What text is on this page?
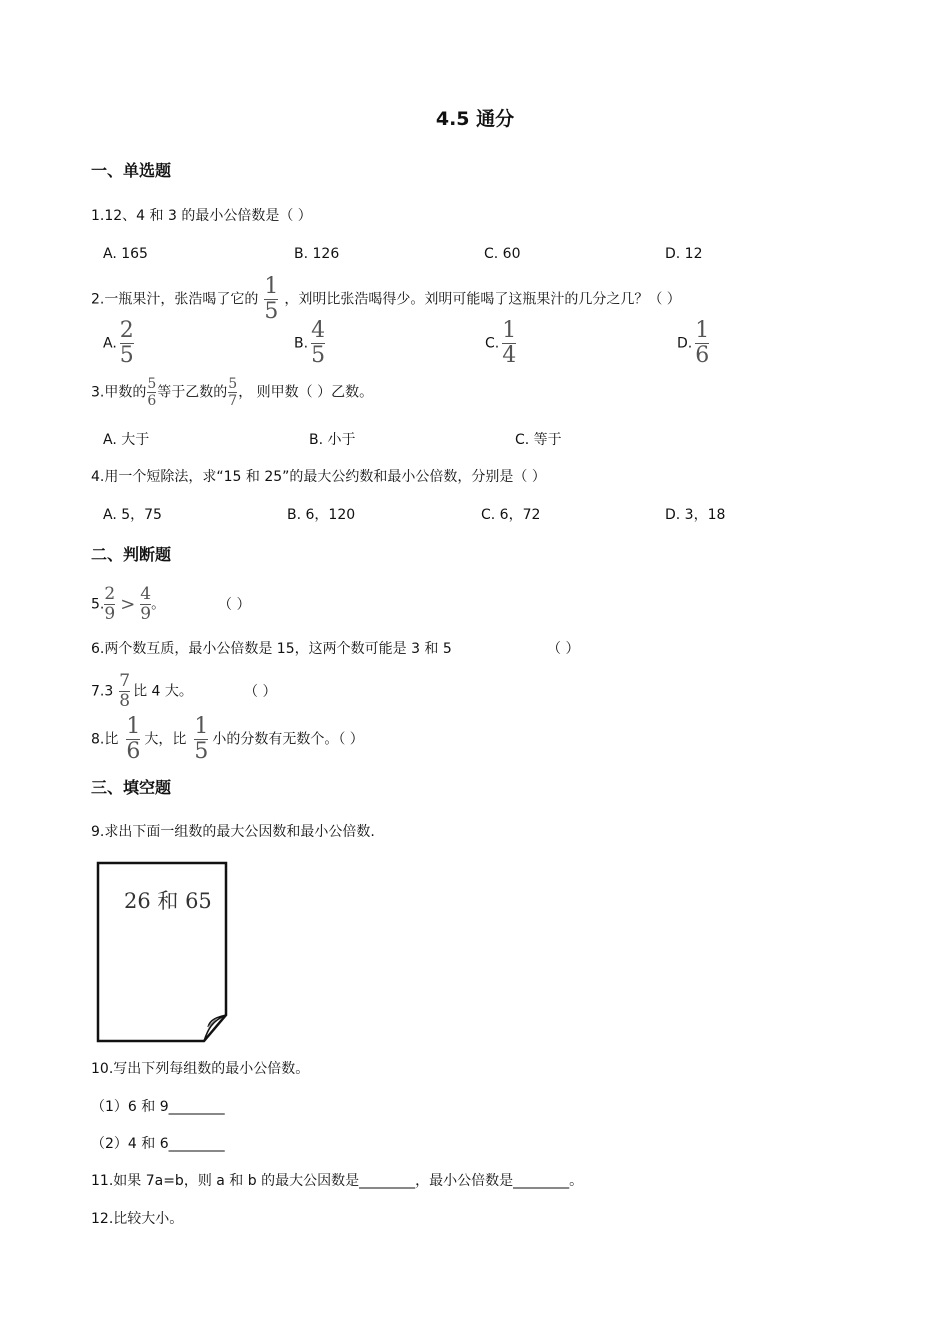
4.5 通分
一、单选题
1.12、4 和 3 的最小公倍数是（ ）
A. 165	B. 126	C. 60	D. 12
2.一瓶果汁，张浩喝了它的 $\frac{1}{5}$ ，刘明比张浩喝得少。刘明可能喝了这瓶果汁的几分之几？（ ）
A. $\frac{2}{5}$	B. $\frac{4}{5}$	C. $\frac{1}{4}$	D. $\frac{1}{6}$
3.甲数的 $\frac{5}{6}$ 等于乙数的 $\frac{5}{7}$ ， 则甲数（ ）乙数。
A. 大于	B. 小于	C. 等于
4.用一个短除法，求“15 和 25”的最大公约数和最小公倍数，分别是（ ）
A. 5，75	B. 6，120	C. 6，72	D. 3，18
二、判断题
5. $\frac{2}{9} > \frac{4}{9}$ 。	（ ）
6.两个数互质，最小公倍数是 15，这两个数可能是 3 和 5	（ ）
$7.3 \frac{7}{8}$ 比 4 大。	（ ）
8.比 $\frac{1}{6}$ 大，比 $\frac{1}{5}$ 小的分数有无数个。（ ）
三、填空题
9.求出下面一组数的最大公因数和最小公倍数.
26 和 65
10.写出下列每组数的最小公倍数。
（1）6 和 9________
（2）4 和 6________
11.如果 7a=b，则 a 和 b 的最大公因数是________，最小公倍数是________。
12.比较大小。
